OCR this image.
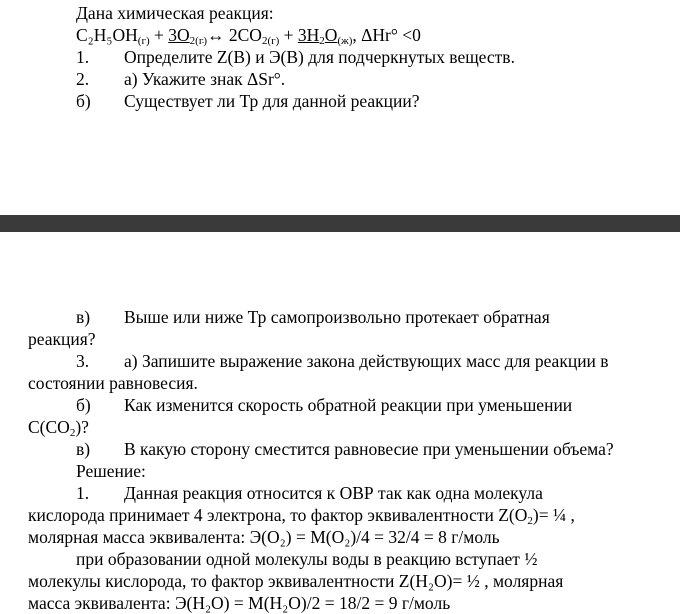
Дана химическая реакция:
$C_2H_5OH_{(г)}$ + $3O_{2(г)}\leftrightarrow$ $2CO_{2(г)} + 3H_2O_{(ж)}$, ΔHr° <0
1. Определите Z(В) и Э(В) для подчеркнутых веществ.
2. а) Укажите знак ΔSr°.
б) Существует ли Тр для данной реакции?
в) Выше или ниже Тр самопроизвольно протекает обратная
реакция?
3. а) Запишите выражение закона действующих масс для реакции в
состоянии равновесия.
б) Как изменится скорость обратной реакции при уменьшении
$С(CO_2)$?
в) В какую сторону сместится равновесие при уменьшении объема?
Решение:
1. Данная реакция относится к ОВР так как одна молекула
кислорода принимает 4 электрона, то фактор эквивалентности $Z(O_2)=$ ¼ ,
молярная масса эквивалента: Э(O₂) = M(O₂)/4 = 32/4 = 8 г/моль
при образовании одной молекулы воды в реакцию вступает ½
молекулы кислорода, то фактор эквивалентности Z(H₂O)= ½ , молярная
масса эквивалента: Э(H₂O) = M(H₂O)/2 = 18/2 = 9 г/моль
